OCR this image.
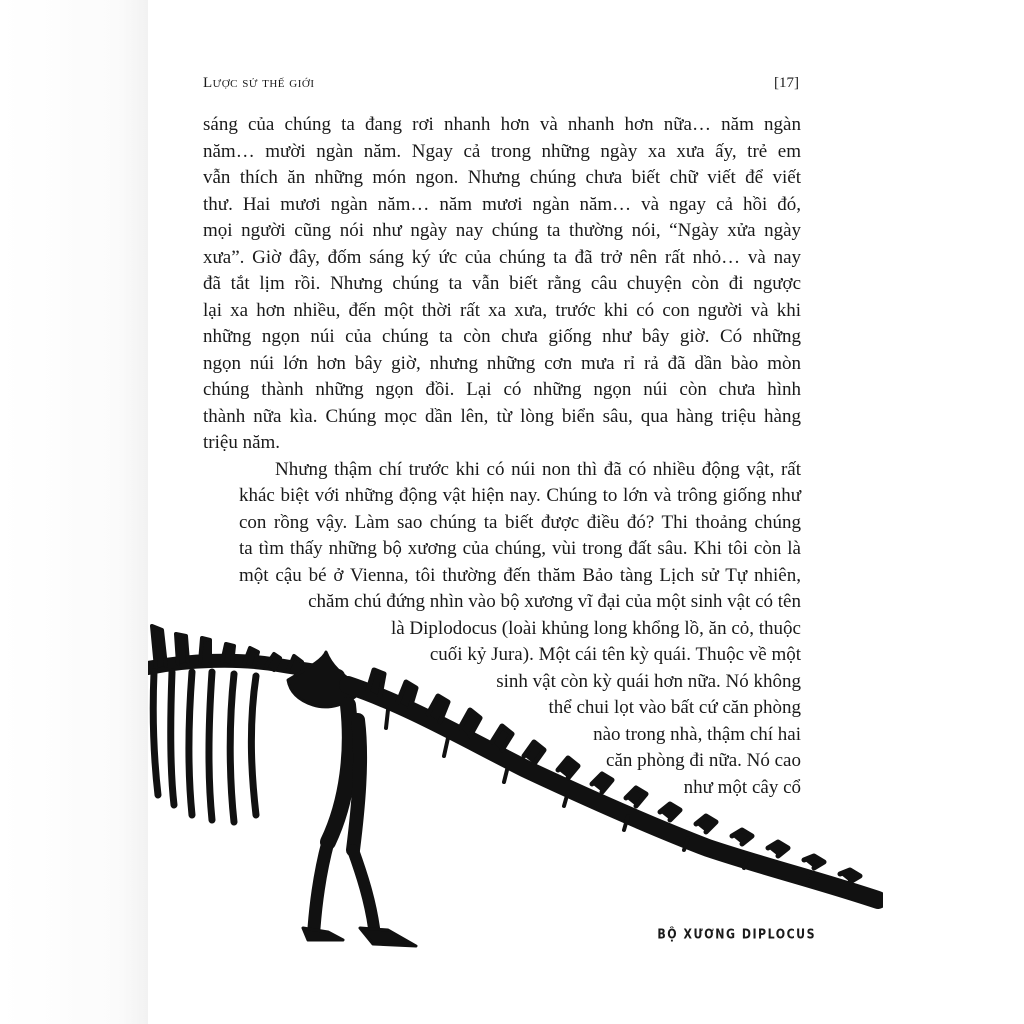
Lược sử thế giới	[17]

sáng của chúng ta đang rơi nhanh hơn và nhanh hơn nữa… năm ngàn
năm… mười ngàn năm. Ngay cả trong những ngày xa xưa ấy, trẻ em
vẫn thích ăn những món ngon. Nhưng chúng chưa biết chữ viết để viết
thư. Hai mươi ngàn năm… năm mươi ngàn năm… và ngay cả hồi đó,
mọi người cũng nói như ngày nay chúng ta thường nói, “Ngày xửa ngày
xưa”. Giờ đây, đốm sáng ký ức của chúng ta đã trở nên rất nhỏ… và nay
đã tắt lịm rồi. Nhưng chúng ta vẫn biết rằng câu chuyện còn đi ngược
lại xa hơn nhiều, đến một thời rất xa xưa, trước khi có con người và khi
những ngọn núi của chúng ta còn chưa giống như bây giờ. Có những
ngọn núi lớn hơn bây giờ, nhưng những cơn mưa rỉ rả đã dần bào mòn
chúng thành những ngọn đồi. Lại có những ngọn núi còn chưa hình
thành nữa kìa. Chúng mọc dần lên, từ lòng biển sâu, qua hàng triệu hàng
triệu năm.

Nhưng thậm chí trước khi có núi non thì đã có nhiều động vật, rất
khác biệt với những động vật hiện nay. Chúng to lớn và trông giống như
con rồng vậy. Làm sao chúng ta biết được điều đó? Thi thoảng chúng
ta tìm thấy những bộ xương của chúng, vùi trong đất sâu. Khi tôi còn là
một cậu bé ở Vienna, tôi thường đến thăm Bảo tàng Lịch sử Tự nhiên,
chăm chú đứng nhìn vào bộ xương vĩ đại của một sinh vật có tên
là Diplodocus (loài khủng long khổng lồ, ăn cỏ, thuộc
cuối kỷ Jura). Một cái tên kỳ quái. Thuộc về một
sinh vật còn kỳ quái hơn nữa. Nó không
thể chui lọt vào bất cứ căn phòng
nào trong nhà, thậm chí hai
căn phòng đi nữa. Nó cao
như một cây cổ

BỘ XƯƠNG DIPLOCUS
